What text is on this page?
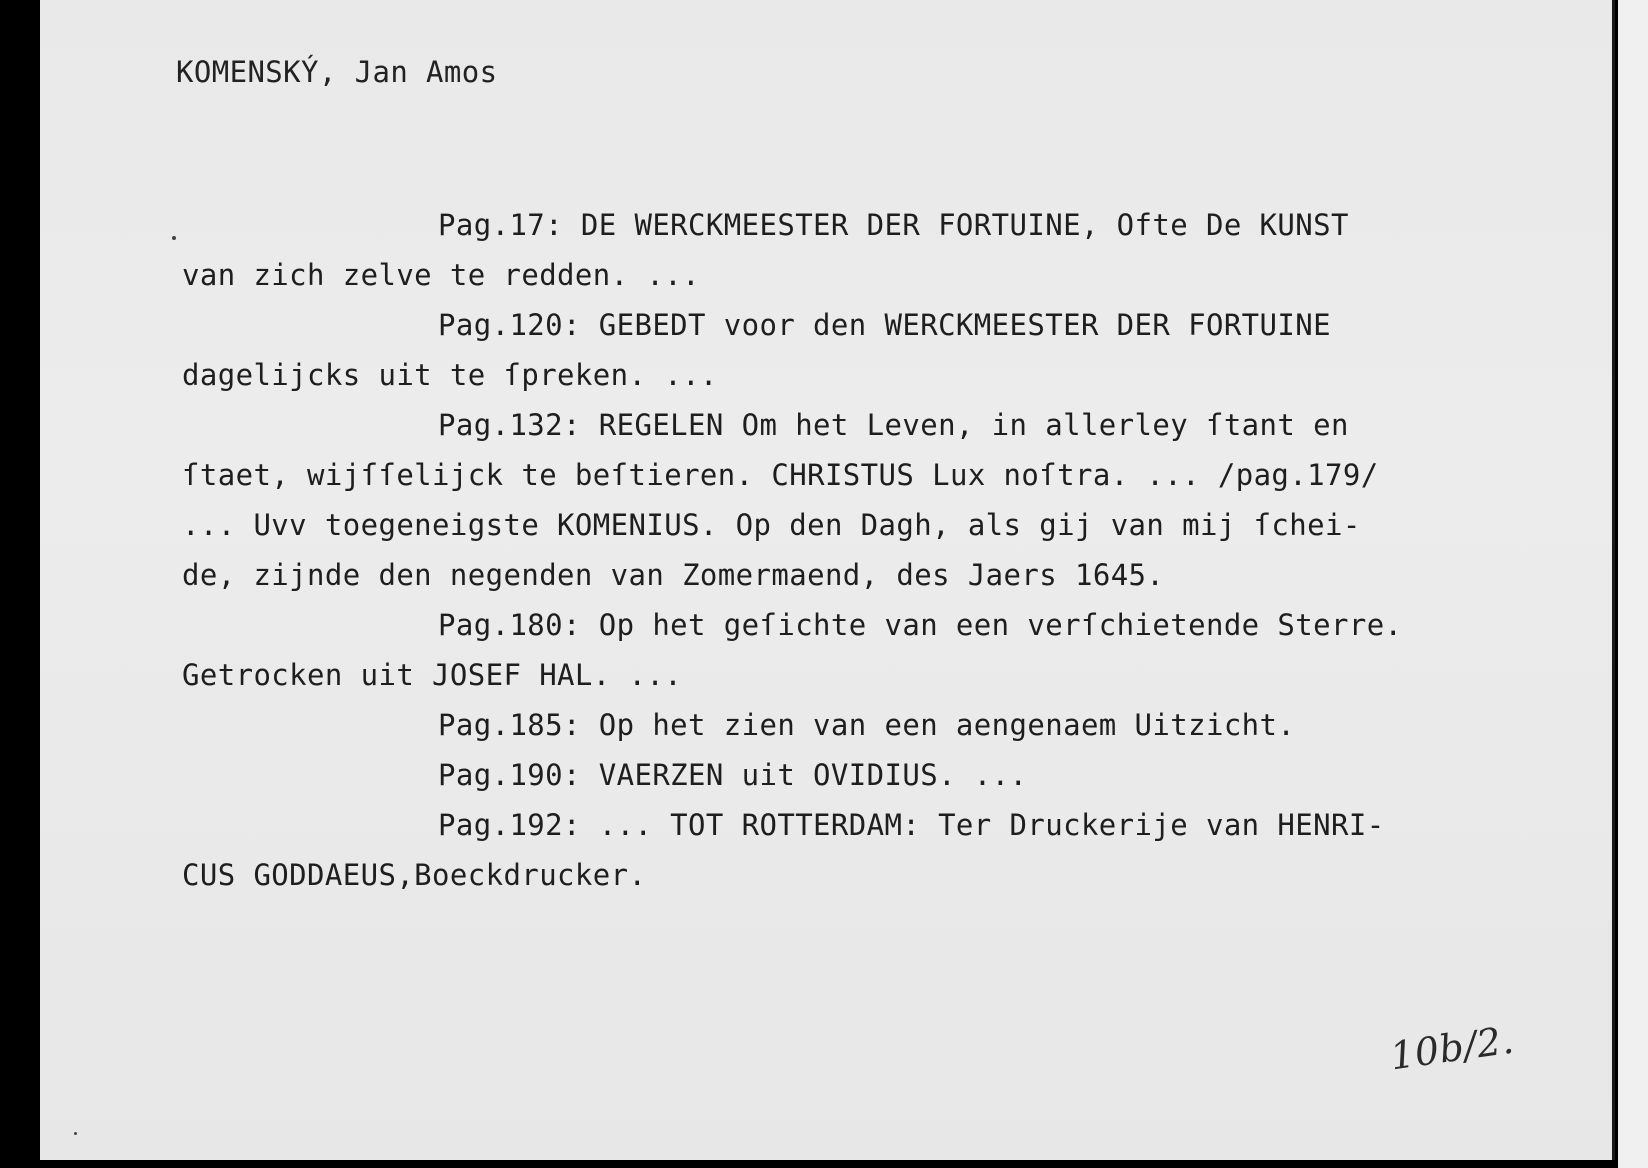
KOMENSKÝ, Jan Amos
Pag.17: DE WERCKMEESTER DER FORTUINE, Ofte De KUNST
van zich zelve te redden. ...
Pag.120: GEBEDT voor den WERCKMEESTER DER FORTUINE
dagelijcks uit te ſpreken. ...
Pag.132: REGELEN Om het Leven, in allerley ſtant en
ſtaet, wijſſelijck te beſtieren. CHRISTUS Lux noſtra. ... /pag.179/
... Uvv toegeneigste KOMENIUS. Op den Dagh, als gij van mij ſchei-
de, zijnde den negenden van Zomermaend, des Jaers 1645.
Pag.180: Op het geſichte van een verſchietende Sterre.
Getrocken uit JOSEF HAL. ...
Pag.185: Op het zien van een aengenaem Uitzicht.
Pag.190: VAERZEN uit OVIDIUS. ...
Pag.192: ... TOT ROTTERDAM: Ter Druckerije van HENRI-
CUS GODDAEUS,Boeckdrucker.
10b/2.
